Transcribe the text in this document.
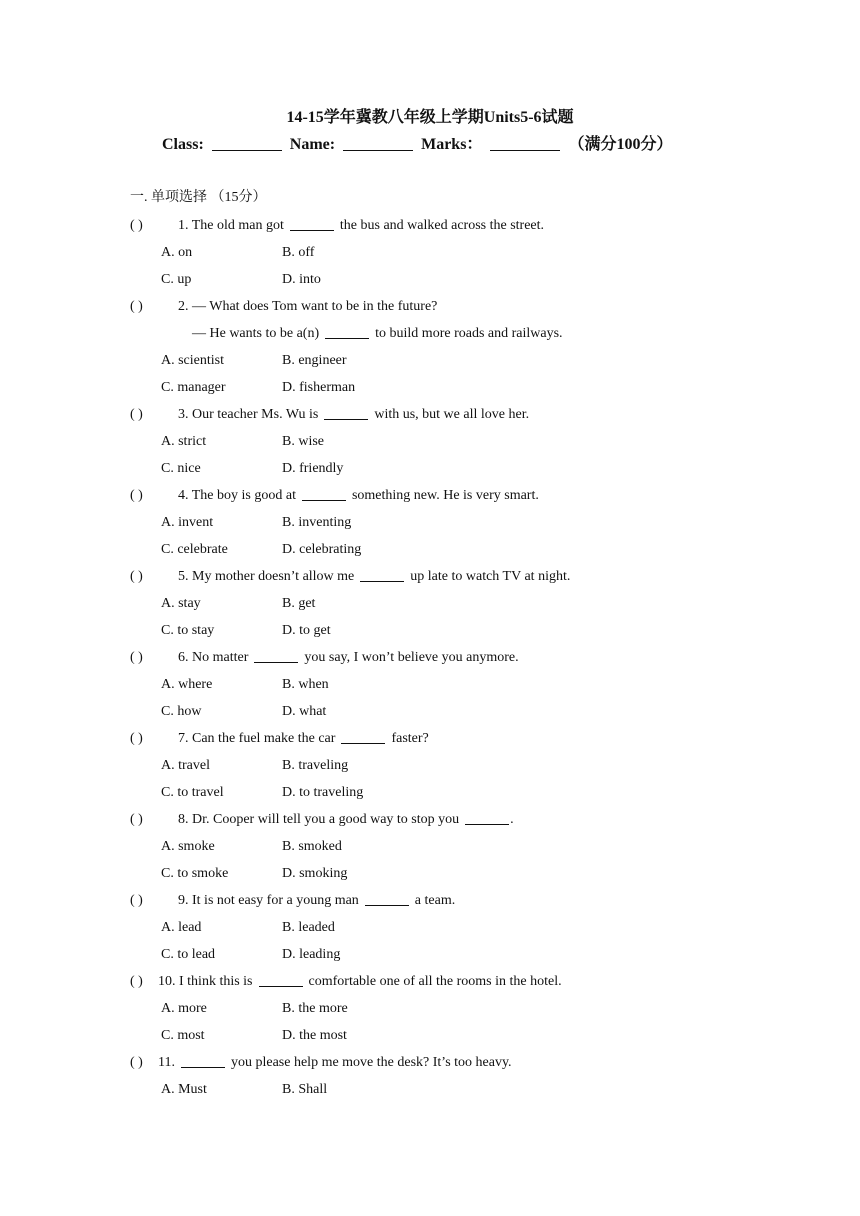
14-15学年冀教八年级上学期Units5-6试题
Class:	Name:	Marks：	（满分100分）
一. 单项选择 （15分）
( )	1. The old man got	the bus and walked across the street.
A. on	B. off
C. up	D. into
( )	2. — What does Tom want to be in the future?
— He wants to be a(n)	to build more roads and railways.
A. scientist	B. engineer
C. manager	D. fisherman
( )	3. Our teacher Ms. Wu is	with us, but we all love her.
A. strict	B. wise
C. nice	D. friendly
( )	4. The boy is good at	something new. He is very smart.
A. invent	B. inventing
C. celebrate	D. celebrating
( )	5. My mother doesn’t allow me	up late to watch TV at night.
A. stay	B. get
C. to stay	D. to get
( )	6. No matter	you say, I won’t believe you anymore.
A. where	B. when
C. how	D. what
( )	7. Can the fuel make the car	faster?
A. travel	B. traveling
C. to travel	D. to traveling
( )	8. Dr. Cooper will tell you a good way to stop you	.
A. smoke	B. smoked
C. to smoke	D. smoking
( )	9. It is not easy for a young man	a team.
A. lead	B. leaded
C. to lead	D. leading
( ) 10. I think this is	comfortable one of all the rooms in the hotel.
A. more	B. the more
C. most	D. the most
( ) 11.	you please help me move the desk? It’s too heavy.
A. Must	B. Shall
